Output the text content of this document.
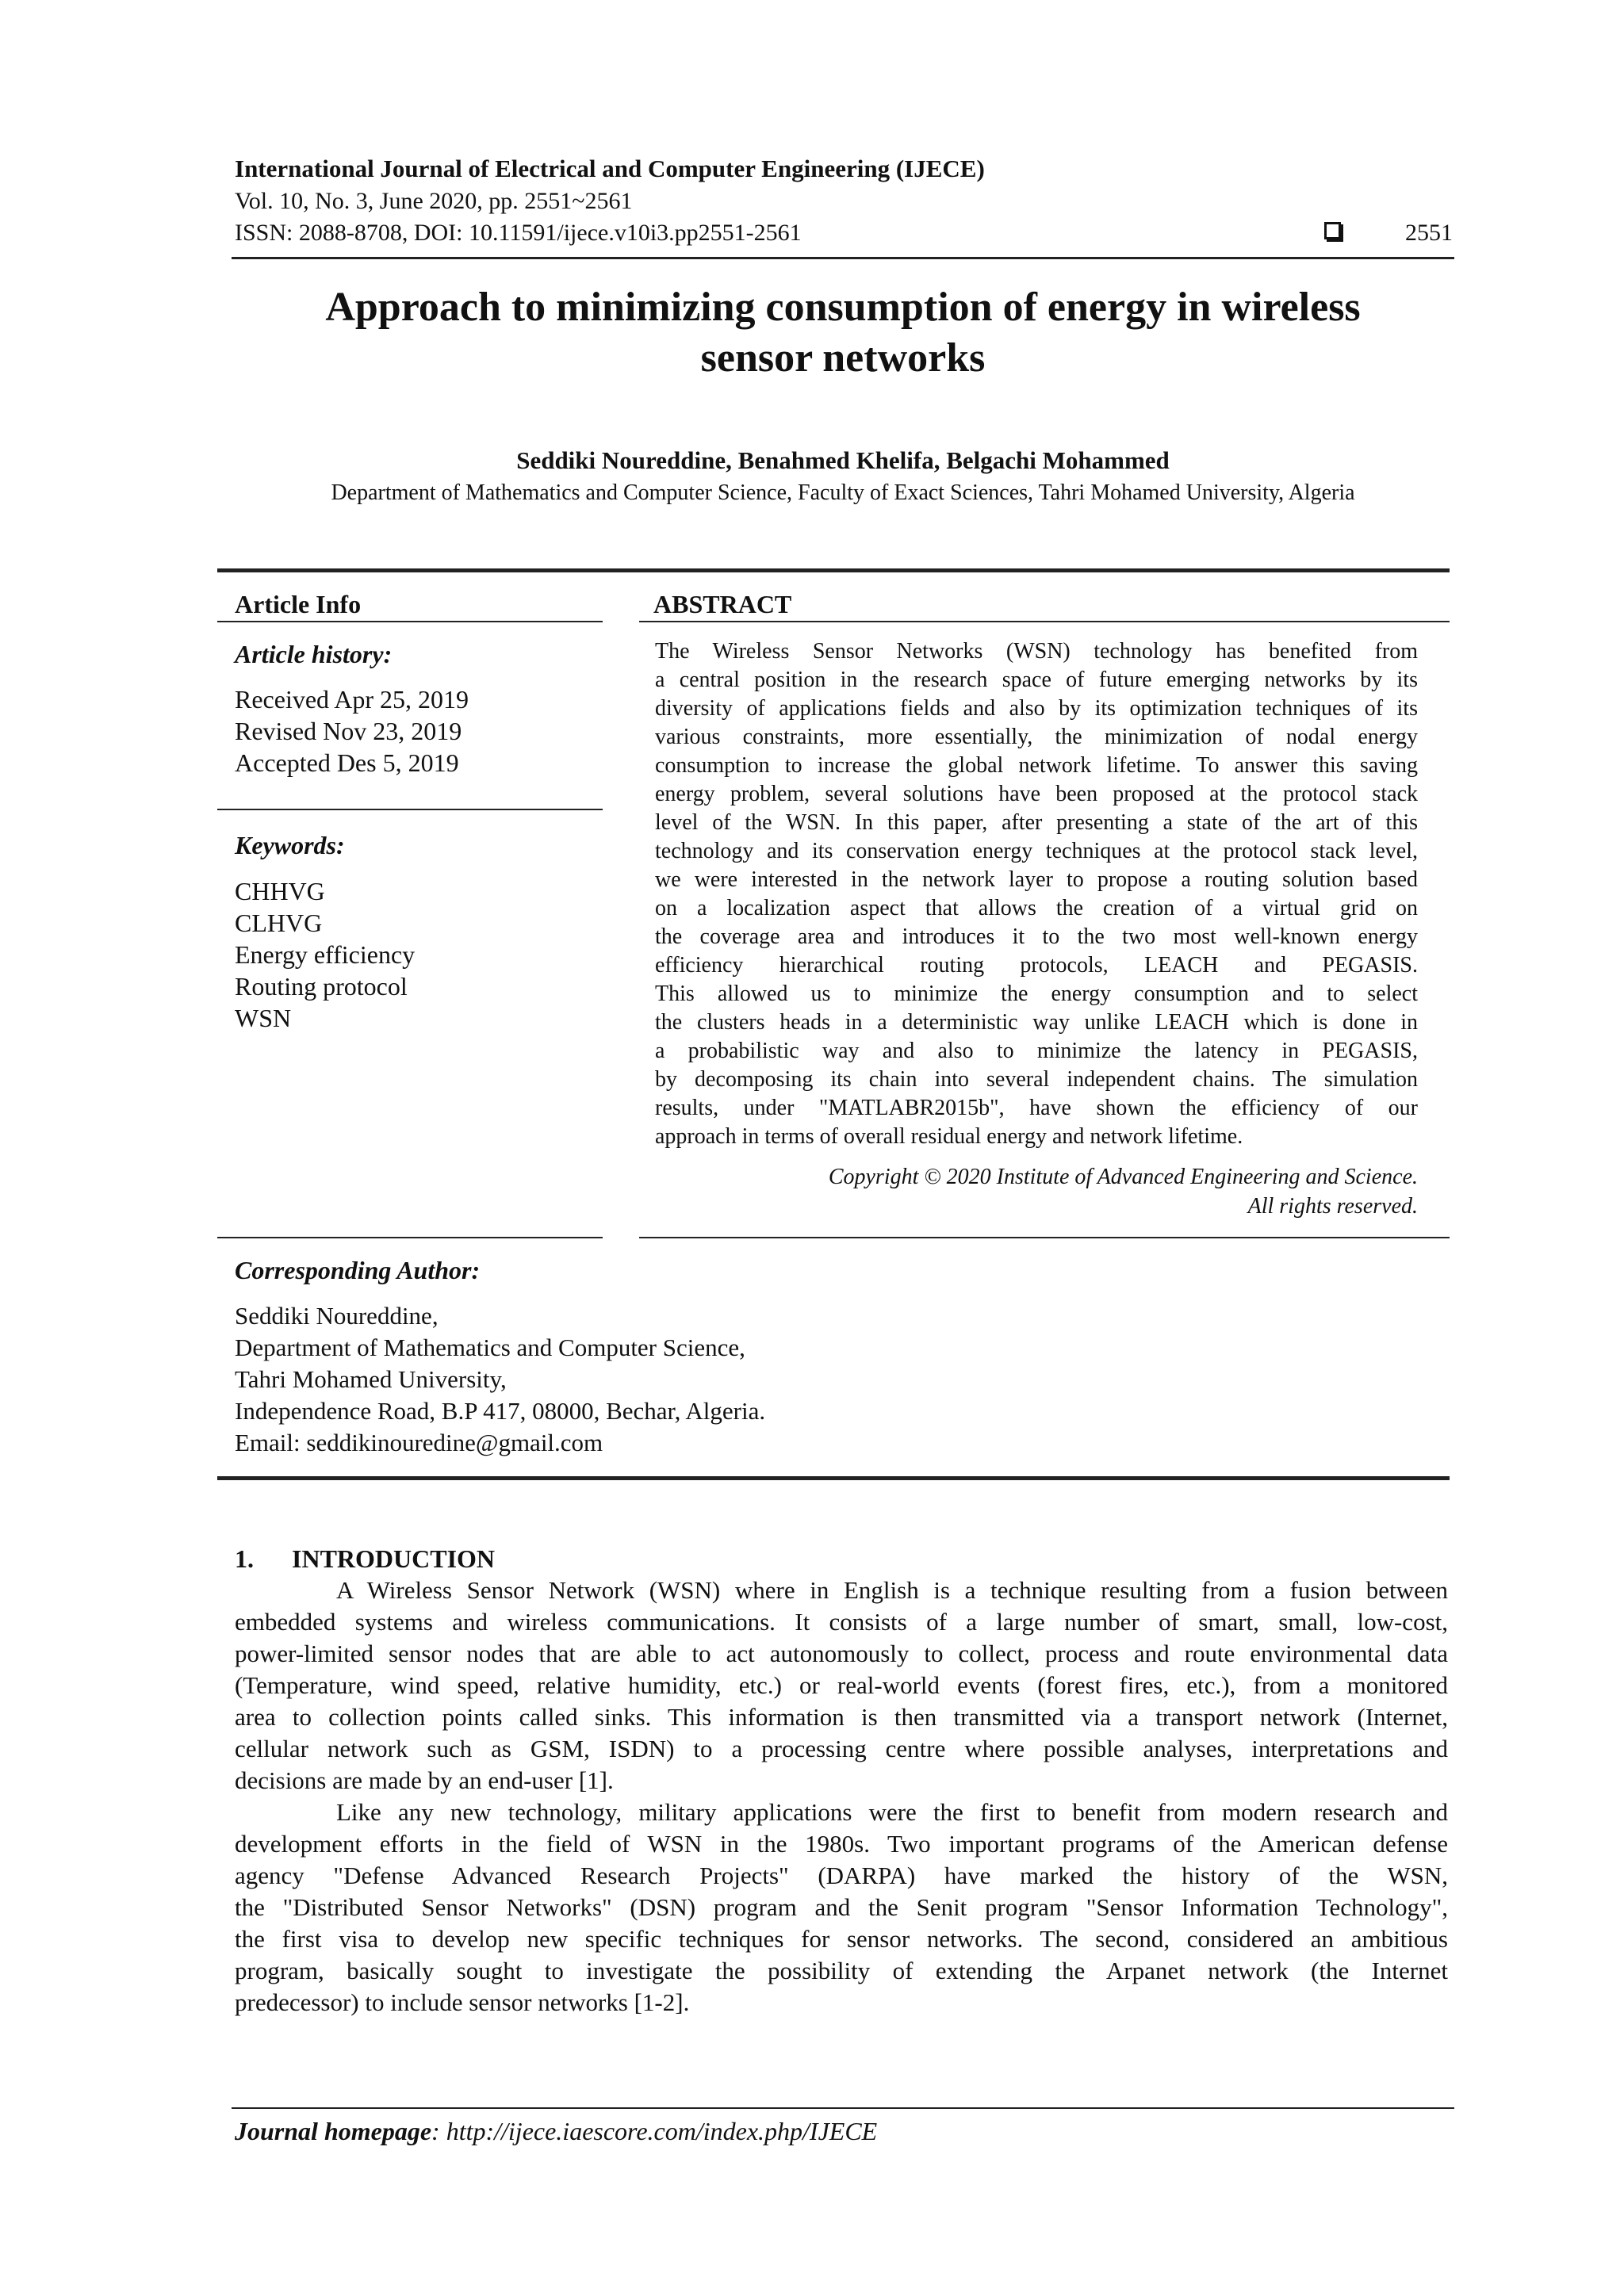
International Journal of Electrical and Computer Engineering (IJECE)
Vol. 10, No. 3, June 2020, pp. 2551~2561
ISSN: 2088-8708, DOI: 10.11591/ijece.v10i3.pp2551-2561	2551
Approach to minimizing consumption of energy in wireless
sensor networks
Seddiki Noureddine, Benahmed Khelifa, Belgachi Mohammed
Department of Mathematics and Computer Science, Faculty of Exact Sciences, Tahri Mohamed University, Algeria
Article Info
Article history:
Received Apr 25, 2019
Revised Nov 23, 2019
Accepted Des 5, 2019
Keywords:
CHHVG
CLHVG
Energy efficiency
Routing protocol
WSN
ABSTRACT
The Wireless Sensor Networks (WSN) technology has benefited from
a central position in the research space of future emerging networks by its
diversity of applications fields and also by its optimization techniques of its
various constraints, more essentially, the minimization of nodal energy
consumption to increase the global network lifetime. To answer this saving
energy problem, several solutions have been proposed at the protocol stack
level of the WSN. In this paper, after presenting a state of the art of this
technology and its conservation energy techniques at the protocol stack level,
we were interested in the network layer to propose a routing solution based
on a localization aspect that allows the creation of a virtual grid on
the coverage area and introduces it to the two most well-known energy
efficiency hierarchical routing protocols, LEACH and PEGASIS.
This allowed us to minimize the energy consumption and to select
the clusters heads in a deterministic way unlike LEACH which is done in
a probabilistic way and also to minimize the latency in PEGASIS,
by decomposing its chain into several independent chains. The simulation
results, under "MATLABR2015b", have shown the efficiency of our
approach in terms of overall residual energy and network lifetime.
Copyright © 2020 Institute of Advanced Engineering and Science.
All rights reserved.
Corresponding Author:
Seddiki Noureddine,
Department of Mathematics and Computer Science,
Tahri Mohamed University,
Independence Road, B.P 417, 08000, Bechar, Algeria.
Email: seddikinouredine@gmail.com
1. INTRODUCTION
A Wireless Sensor Network (WSN) where in English is a technique resulting from a fusion between
embedded systems and wireless communications. It consists of a large number of smart, small, low-cost,
power-limited sensor nodes that are able to act autonomously to collect, process and route environmental data
(Temperature, wind speed, relative humidity, etc.) or real-world events (forest fires, etc.), from a monitored
area to collection points called sinks. This information is then transmitted via a transport network (Internet,
cellular network such as GSM, ISDN) to a processing centre where possible analyses, interpretations and
decisions are made by an end-user [1].
Like any new technology, military applications were the first to benefit from modern research and
development efforts in the field of WSN in the 1980s. Two important programs of the American defense
agency "Defense Advanced Research Projects" (DARPA) have marked the history of the WSN,
the "Distributed Sensor Networks" (DSN) program and the Senit program "Sensor Information Technology",
the first visa to develop new specific techniques for sensor networks. The second, considered an ambitious
program, basically sought to investigate the possibility of extending the Arpanet network (the Internet
predecessor) to include sensor networks [1-2].
Journal homepage: http://ijece.iaescore.com/index.php/IJECE
